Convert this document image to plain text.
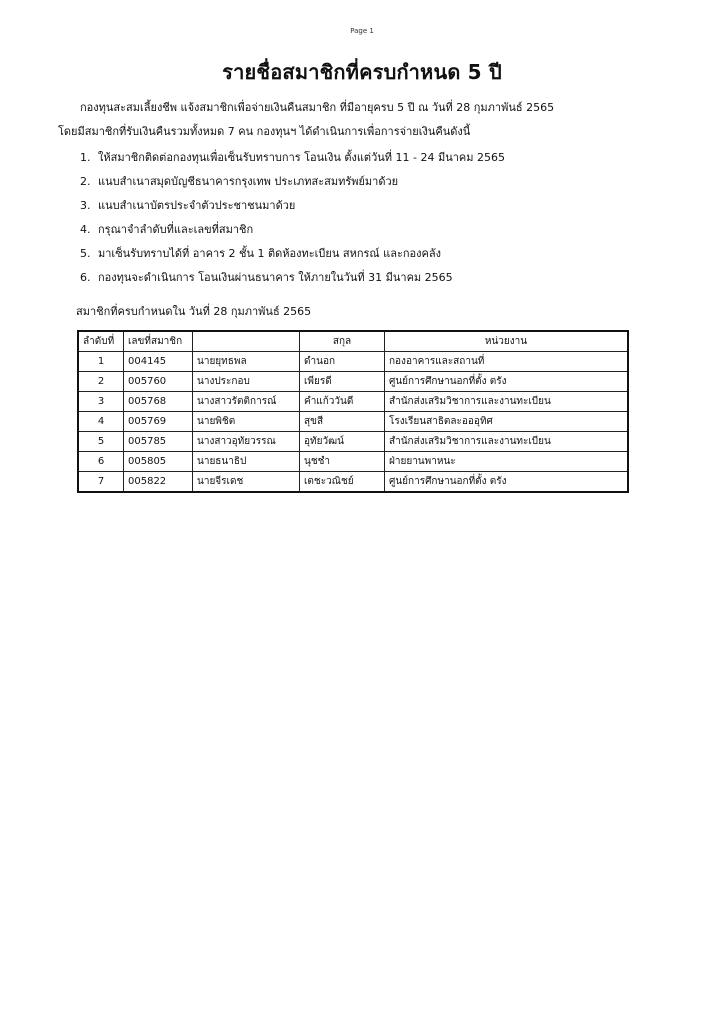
Page 1
รายชื่อสมาชิกที่ครบกำหนด 5 ปี
กองทุนสะสมเลี้ยงชีพ แจ้งสมาชิกเพื่อจ่ายเงินคืนสมาชิก ที่มีอายุครบ 5 ปี ณ วันที่ 28 กุมภาพันธ์ 2565
โดยมีสมาชิกที่รับเงินคืนรวมทั้งหมด 7 คน กองทุนฯ ได้ดำเนินการเพื่อการจ่ายเงินคืนดังนี้
1. ให้สมาชิกติดต่อกองทุนเพื่อเซ็นรับทราบการ โอนเงิน ตั้งแต่วันที่ 11 - 24 มีนาคม 2565
2. แนบสำเนาสมุดบัญชีธนาคารกรุงเทพ ประเภทสะสมทรัพย์มาด้วย
3. แนบสำเนาบัตรประจำตัวประชาชนมาด้วย
4. กรุณาจำลำดับที่และเลขที่สมาชิก
5. มาเซ็นรับทราบได้ที่ อาคาร 2 ชั้น 1 ติดห้องทะเบียน สหกรณ์ และกองคลัง
6. กองทุนจะดำเนินการ โอนเงินผ่านธนาคาร ให้ภายในวันที่ 31 มีนาคม 2565
สมาชิกที่ครบกำหนดใน วันที่ 28 กุมภาพันธ์ 2565
ลำดับที่	เลขที่สมาชิก		สกุล	หน่วยงาน
1	004145	นายยุทธพล	ดำนอก	กองอาคารและสถานที่
2	005760	นางประกอบ	เพียรดี	ศูนย์การศึกษานอกที่ตั้ง ตรัง
3	005768	นางสาวรัตติการณ์	คำแก้ววันดี	สำนักส่งเสริมวิชาการและงานทะเบียน
4	005769	นายพิชิต	สุขสี	โรงเรียนสาธิตละอออุทิศ
5	005785	นางสาวอุทัยวรรณ	อุทัยวัฒน์	สำนักส่งเสริมวิชาการและงานทะเบียน
6	005805	นายธนาธิป	นุชชำ	ฝ่ายยานพาหนะ
7	005822	นายจีรเดช	เตชะวณิชย์	ศูนย์การศึกษานอกที่ตั้ง ตรัง
